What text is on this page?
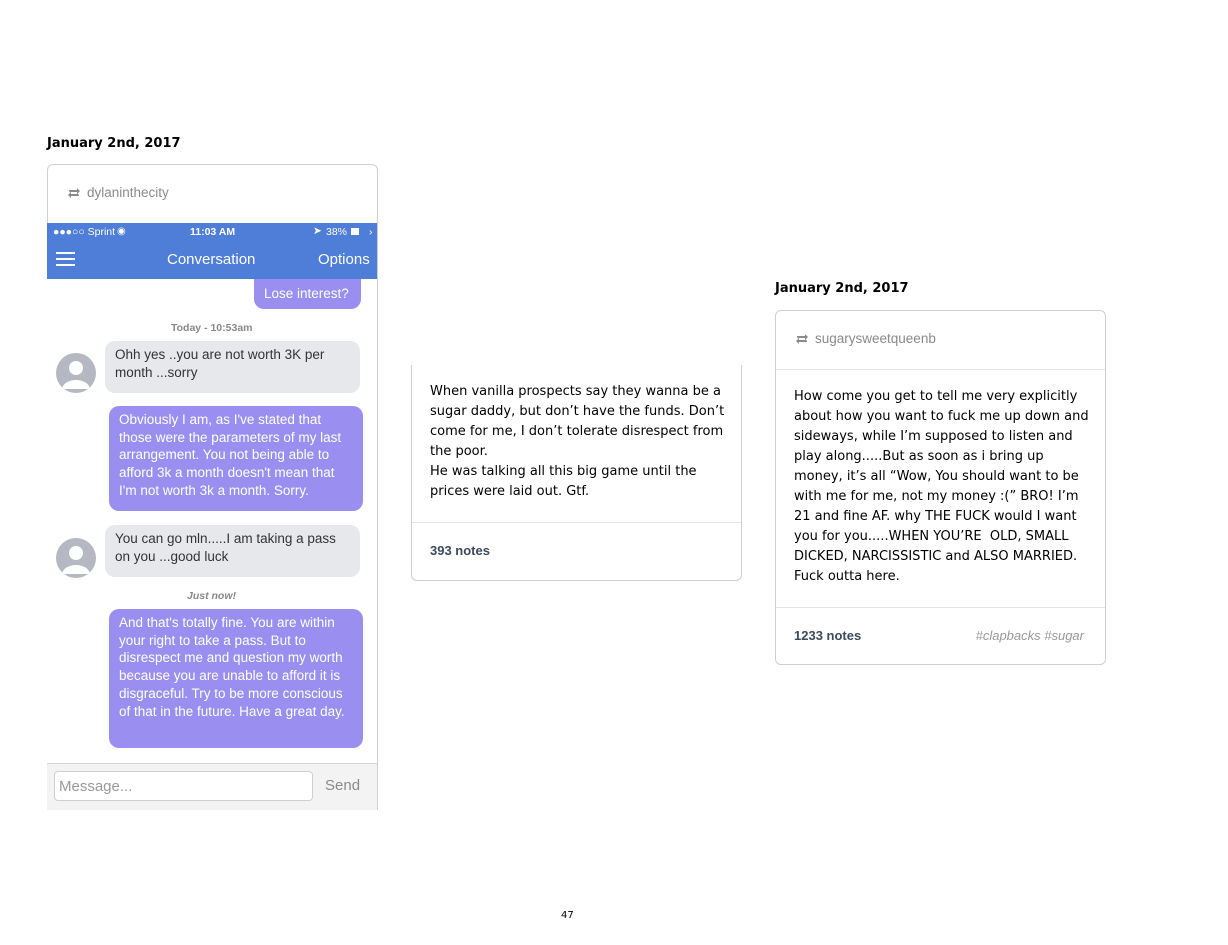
January 2nd, 2017
dylaninthecity
●●●○○ Sprint ◉	11:03 AM	➤ 38% ›
Conversation	Options
Lose interest?
Today - 10:53am
Ohh yes ..you are not worth 3K per month ...sorry
Obviously I am, as I've stated that those were the parameters of my last arrangement. You not being able to afford 3k a month doesn't mean that I'm not worth 3k a month. Sorry.
You can go mln.....I am taking a pass on you ...good luck
Just now!
And that's totally fine. You are within your right to take a pass. But to disrespect me and question my worth because you are unable to afford it is disgraceful. Try to be more conscious of that in the future. Have a great day.
Message...	Send
When vanilla prospects say they wanna be a sugar daddy, but don’t have the funds. Don’t come for me, I don’t tolerate disrespect from the poor.
He was talking all this big game until the prices were laid out. Gtf.
393 notes
January 2nd, 2017
sugarysweetqueenb
How come you get to tell me very explicitly about how you want to fuck me up down and sideways, while I’m supposed to listen and play along.....But as soon as i bring up money, it’s all “Wow, You should want to be with me for me, not my money :(” BRO! I’m 21 and fine AF. why THE FUCK would I want you for you.....WHEN YOU’RE  OLD, SMALL DICKED, NARCISSISTIC and ALSO MARRIED. Fuck outta here.
1233 notes	#clapbacks #sugar
47
